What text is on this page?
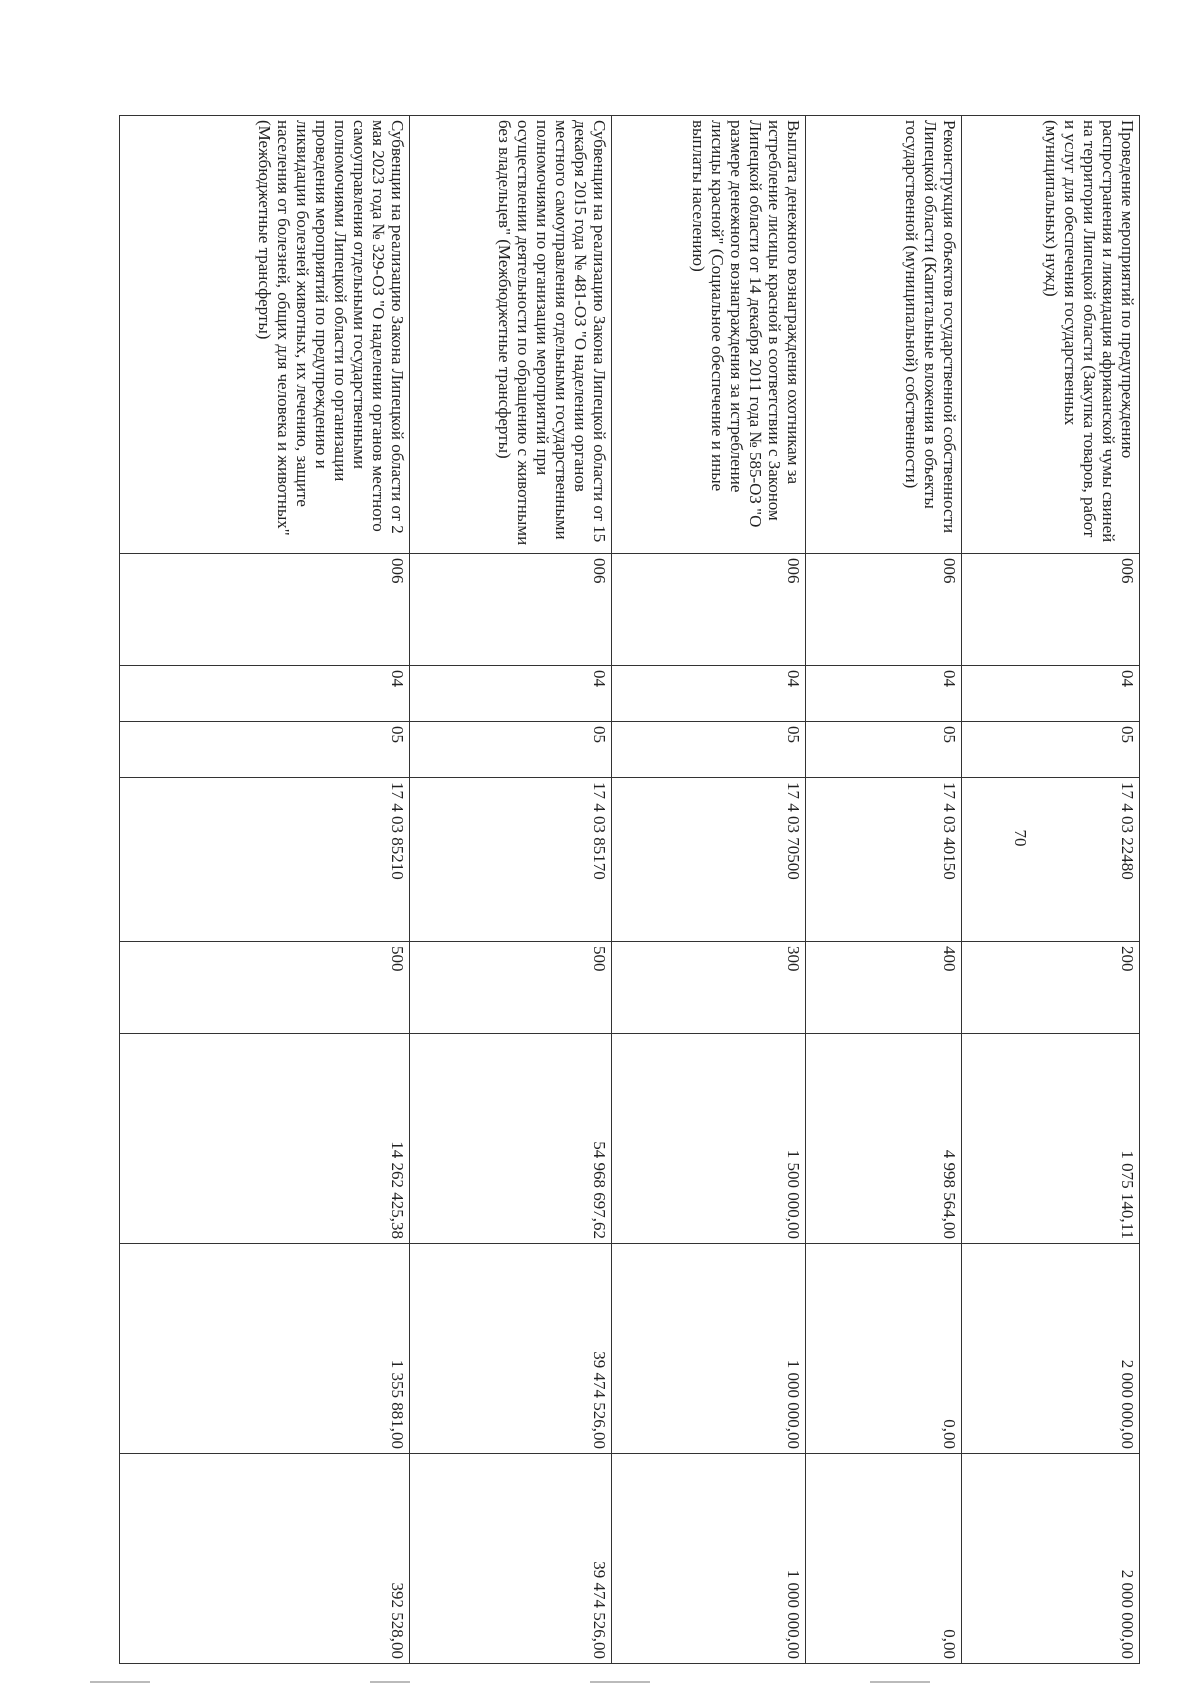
70
Проведение мероприятий по предупреждению распространения и ликвидация африканской чумы свиней на территории Липецкой области (Закупка товаров, работ и услуг для обеспечения государственных (муниципальных) нужд)	006	04	05	17 4 03 22480	200	1 075 140,11	2 000 000,00	2 000 000,00
Реконструкция объектов государственной собственности Липецкой области (Капитальные вложения в объекты государственной (муниципальной) собственности)	006	04	05	17 4 03 40150	400	4 998 564,00	0,00	0,00
Выплата денежного вознаграждения охотникам за истребление лисицы красной в соответствии с Законом Липецкой области от 14 декабря 2011 года № 585-ОЗ "О размере денежного вознаграждения за истребление лисицы красной" (Социальное обеспечение и иные выплаты населению)	006	04	05	17 4 03 70500	300	1 500 000,00	1 000 000,00	1 000 000,00
Субвенции на реализацию Закона Липецкой области от 15 декабря 2015 года № 481-ОЗ "О наделении органов местного самоуправления отдельными государственными полномочиями по организации мероприятий при осуществлении деятельности по обращению с животными без владельцев" (Межбюджетные трансферты)	006	04	05	17 4 03 85170	500	54 968 697,62	39 474 526,00	39 474 526,00
Субвенции на реализацию Закона Липецкой области от 2 мая 2023 года № 329-ОЗ "О наделении органов местного самоуправления отдельными государственными полномочиями Липецкой области по организации проведения мероприятий по предупреждению и ликвидации болезней животных, их лечению, защите населения от болезней, общих для человека и животных" (Межбюджетные трансферты)	006	04	05	17 4 03 85210	500	14 262 425,38	1 355 881,00	392 528,00
